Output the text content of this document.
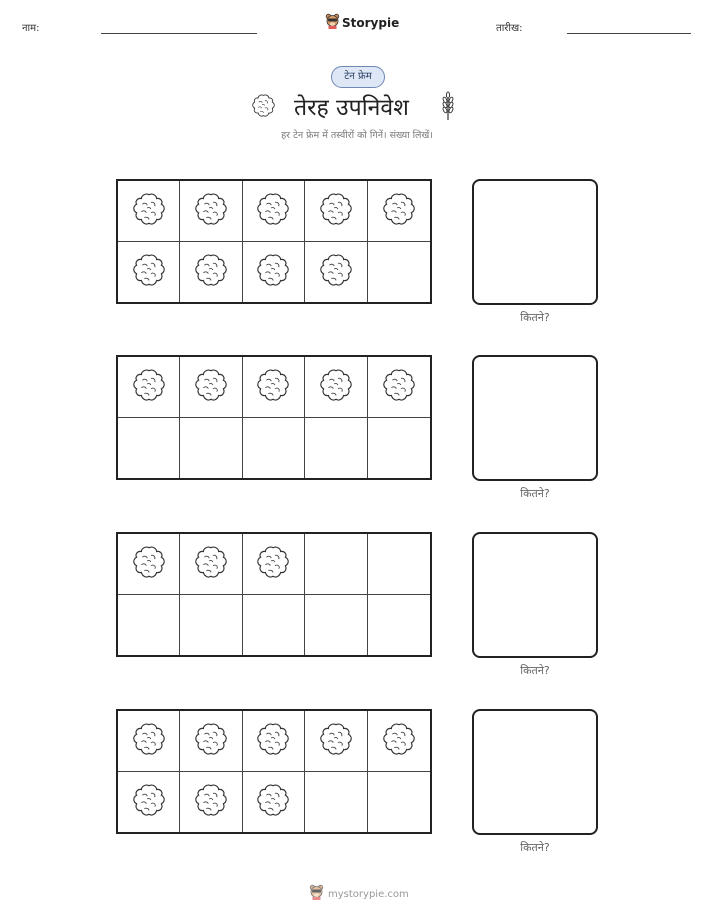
नाम:	Storypie	तारीख:
टेन फ्रेम
तेरह उपनिवेश
हर टेन फ्रेम में तस्वीरों को गिनें। संख्या लिखें।
कितने?
कितने?
कितने?
कितने?
mystorypie.com
